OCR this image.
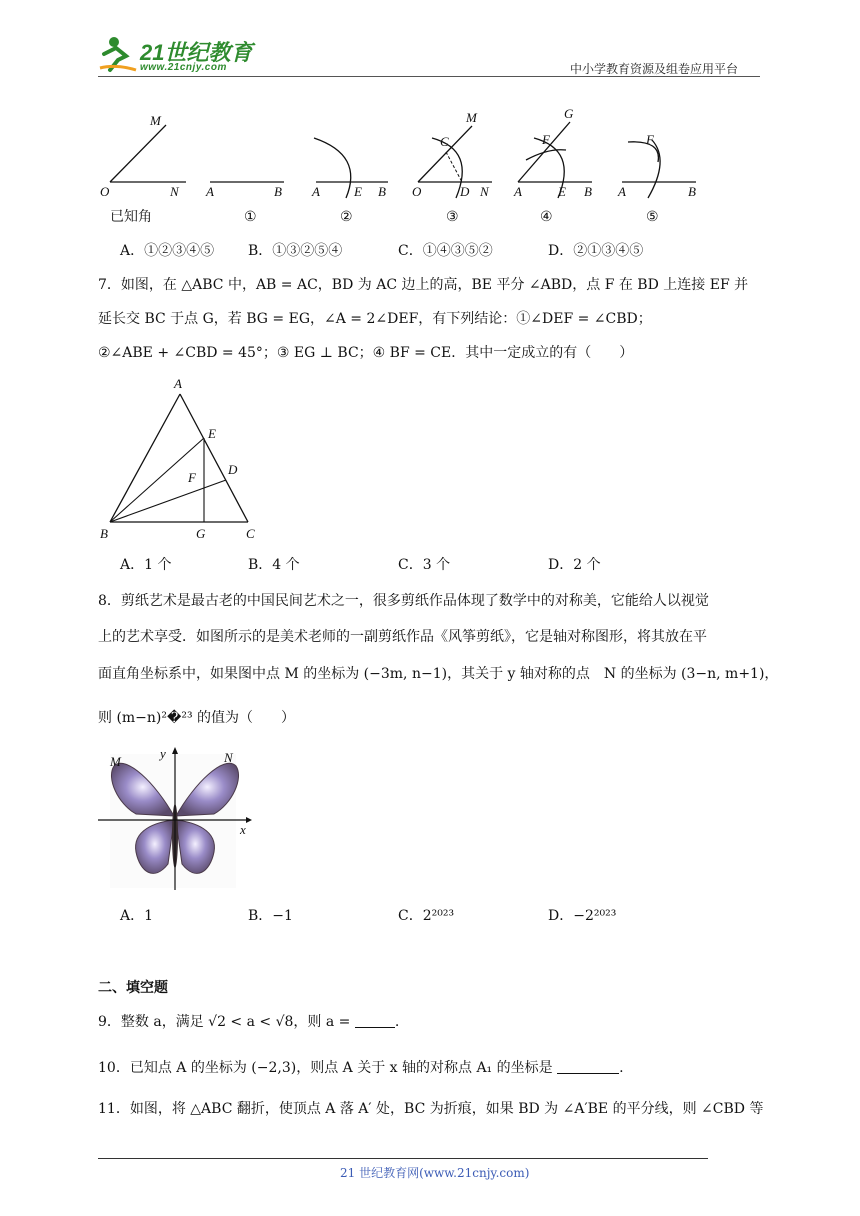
21世纪教育
www.21cnjy.com	中小学教育资源及组卷应用平台
M
O	N A	B A	E B
M
C
O	D N
G
F
A	E B
F
A	B
已知角	①	②	③	④	⑤
A．①②③④⑤ B．①③②⑤④	C．①④③⑤②	D．②①③④⑤
7．如图，在 △ABC 中，AB = AC，BD 为 AC 边上的高，BE 平分 ∠ABD，点 F 在 BD 上连接 EF 并
延长交 BC 于点 G，若 BG = EG，∠A = 2∠DEF，有下列结论：①∠DEF = ∠CBD；
②∠ABE + ∠CBD = 45°；③ EG ⊥ BC；④ BF = CE．其中一定成立的有（　　）
A
E
D
F
B	G	C
A．1 个	B．4 个	C．3 个	D．2 个
8．剪纸艺术是最古老的中国民间艺术之一，很多剪纸作品体现了数学中的对称美，它能给人以视觉
上的艺术享受．如图所示的是美术老师的一副剪纸作品《风筝剪纸》，它是轴对称图形，将其放在平
面直角坐标系中，如果图中点 M 的坐标为 (−3m, n−1)，其关于 y 轴对称的点　N 的坐标为 (3−n, m+1)，
则 (m−n)²�²³ 的值为（　　）
M	N
y
x
A．1	B．−1	C．2²⁰²³	D．−2²⁰²³
二、填空题
9．整数 a，满足 √2 < a < √8，则 a =	.
10．已知点 A 的坐标为 (−2,3)，则点 A 关于 x 轴的对称点 A₁ 的坐标是	.
11．如图，将 △ABC 翻折，使顶点 A 落 A′ 处，BC 为折痕，如果 BD 为 ∠A′BE 的平分线，则 ∠CBD 等
21 世纪教育网(www.21cnjy.com)
